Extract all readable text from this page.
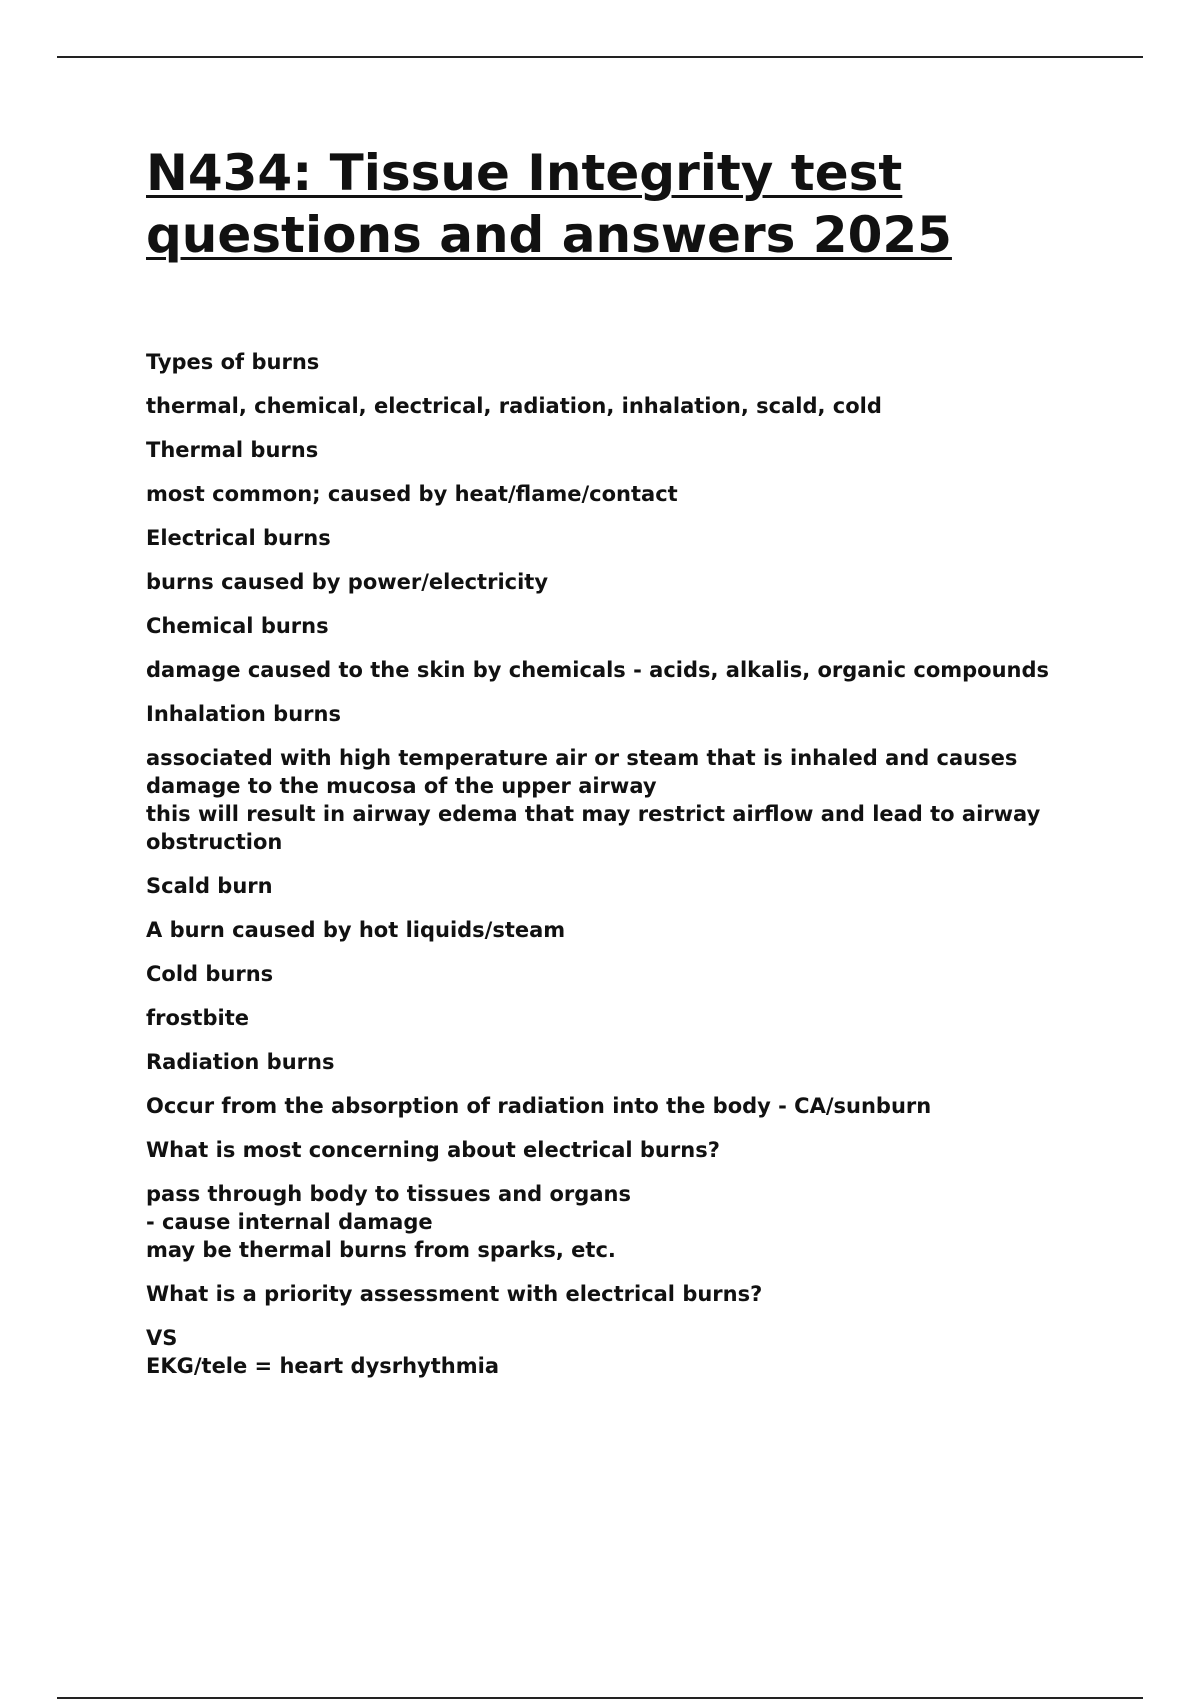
N434: Tissue Integrity test questions and answers 2025

Types of burns

thermal, chemical, electrical, radiation, inhalation, scald, cold

Thermal burns

most common; caused by heat/flame/contact

Electrical burns

burns caused by power/electricity

Chemical burns

damage caused to the skin by chemicals - acids, alkalis, organic compounds

Inhalation burns

associated with high temperature air or steam that is inhaled and causes damage to the mucosa of the upper airway
this will result in airway edema that may restrict airflow and lead to airway obstruction

Scald burn

A burn caused by hot liquids/steam

Cold burns

frostbite

Radiation burns

Occur from the absorption of radiation into the body - CA/sunburn

What is most concerning about electrical burns?

pass through body to tissues and organs
- cause internal damage
may be thermal burns from sparks, etc.

What is a priority assessment with electrical burns?

VS
EKG/tele = heart dysrhythmia
